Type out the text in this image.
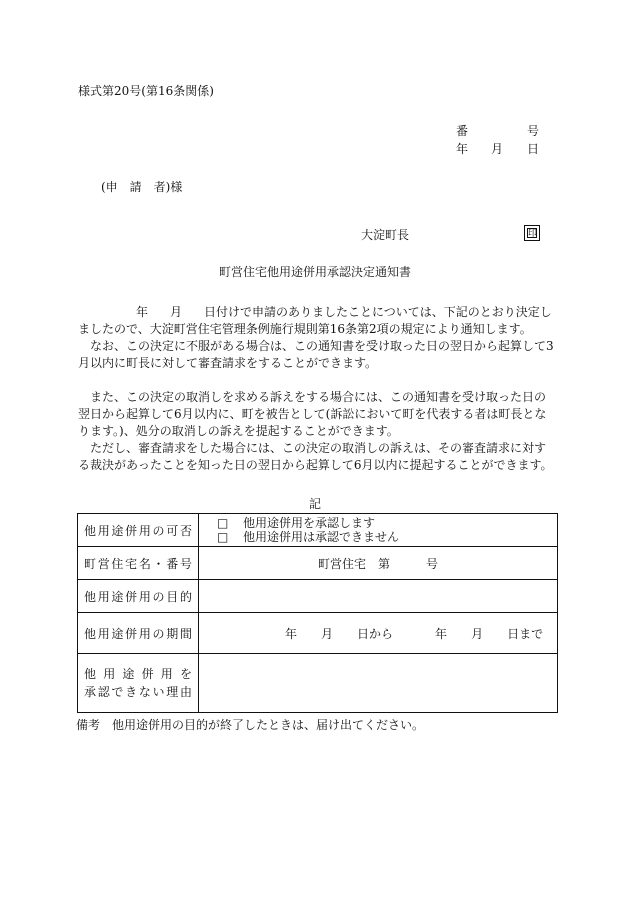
様式第20号(第16条関係)
番	号
年 月 日
(申　請　者)様
大淀町長	印
町営住宅他用途併用承認決定通知書

年 月 日付けで申請のありましたことについては、下記のとおり決定しましたので、大淀町営住宅管理条例施行規則第16条第2項の規定により通知します。

　なお、この決定に不服がある場合は、この通知書を受け取った日の翌日から起算して3月以内に町長に対して審査請求をすることができます。

　また、この決定の取消しを求める訴えをする場合には、この通知書を受け取った日の翌日から起算して6月以内に、町を被告として(訴訟において町を代表する者は町長となります。)、処分の取消しの訴えを提起することができます。

　ただし、審査請求をした場合には、この決定の取消しの訴えは、その審査請求に対する裁決があったことを知った日の翌日から起算して6月以内に提起することができます。

記
他用途併用の可否	□ 他用途併用を承認します
□ 他用途併用は承認できません

町営住宅名・番号	町営住宅　第 号
他用途併用の目的	
他用途併用の期間	年 月 日から 年 月 日まで

他用途併用を
承認できない理由	

備考　他用途併用の目的が終了したときは、届け出てください。
